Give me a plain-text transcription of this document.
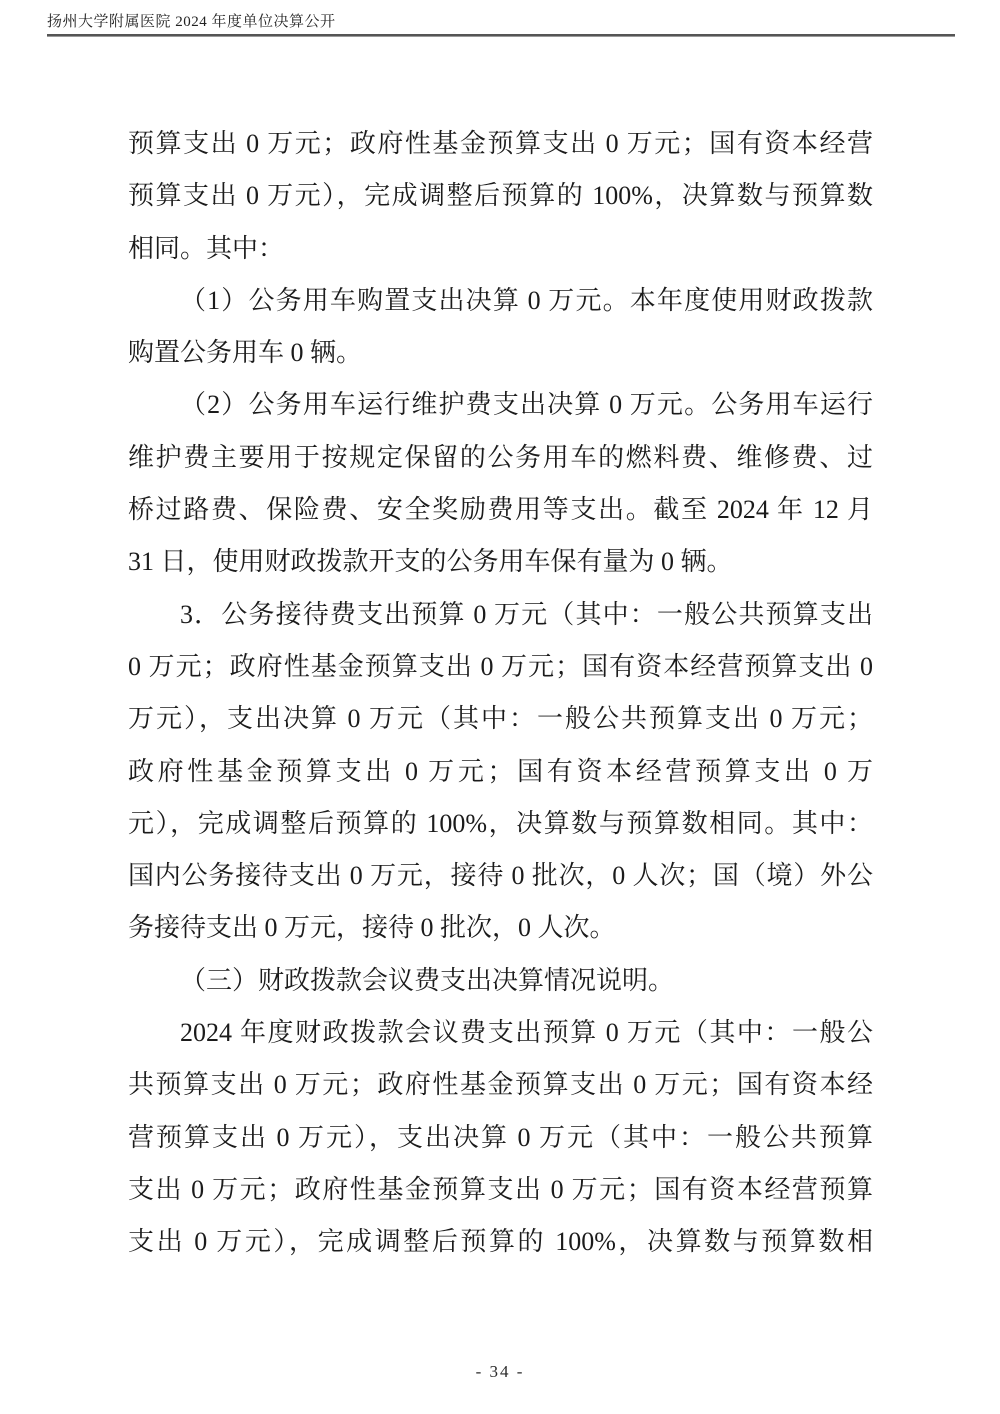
扬州大学附属医院 2024 年度单位决算公开
预算支出 0 万元；政府性基金预算支出 0 万元；国有资本经营
预算支出 0 万元），完成调整后预算的 100%，决算数与预算数
相同。其中：
（1）公务用车购置支出决算 0 万元。本年度使用财政拨款
购置公务用车 0 辆。
（2）公务用车运行维护费支出决算 0 万元。公务用车运行
维护费主要用于按规定保留的公务用车的燃料费、维修费、过
桥过路费、保险费、安全奖励费用等支出。截至 2024 年 12 月
31 日，使用财政拨款开支的公务用车保有量为 0 辆。
3．公务接待费支出预算 0 万元（其中：一般公共预算支出
0 万元；政府性基金预算支出 0 万元；国有资本经营预算支出 0
万元），支出决算 0 万元（其中：一般公共预算支出 0 万元；
政府性基金预算支出 0 万元；国有资本经营预算支出 0 万
元），完成调整后预算的 100%，决算数与预算数相同。其中：
国内公务接待支出 0 万元，接待 0 批次，0 人次；国（境）外公
务接待支出 0 万元，接待 0 批次，0 人次。
（三）财政拨款会议费支出决算情况说明。
2024 年度财政拨款会议费支出预算 0 万元（其中：一般公
共预算支出 0 万元；政府性基金预算支出 0 万元；国有资本经
营预算支出 0 万元），支出决算 0 万元（其中：一般公共预算
支出 0 万元；政府性基金预算支出 0 万元；国有资本经营预算
支出 0 万元），完成调整后预算的 100%，决算数与预算数相
- 34 -
